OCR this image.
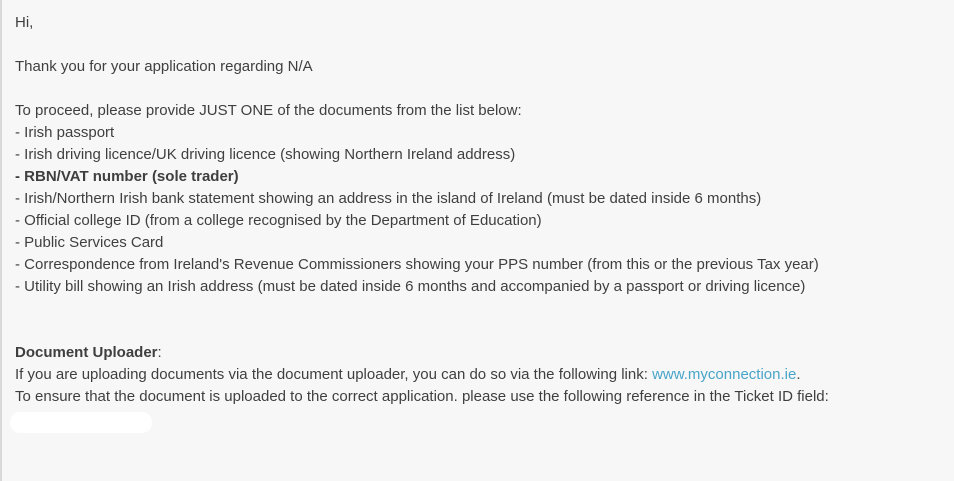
Hi,
Thank you for your application regarding N/A
To proceed, please provide JUST ONE of the documents from the list below:
- Irish passport
- Irish driving licence/UK driving licence (showing Northern Ireland address)
- RBN/VAT number (sole trader)
- Irish/Northern Irish bank statement showing an address in the island of Ireland (must be dated inside 6 months)
- Official college ID (from a college recognised by the Department of Education)
- Public Services Card
- Correspondence from Ireland's Revenue Commissioners showing your PPS number (from this or the previous Tax year)
- Utility bill showing an Irish address (must be dated inside 6 months and accompanied by a passport or driving licence)
Document Uploader:
If you are uploading documents via the document uploader, you can do so via the following link: www.myconnection.ie.
To ensure that the document is uploaded to the correct application. please use the following reference in the Ticket ID field:
